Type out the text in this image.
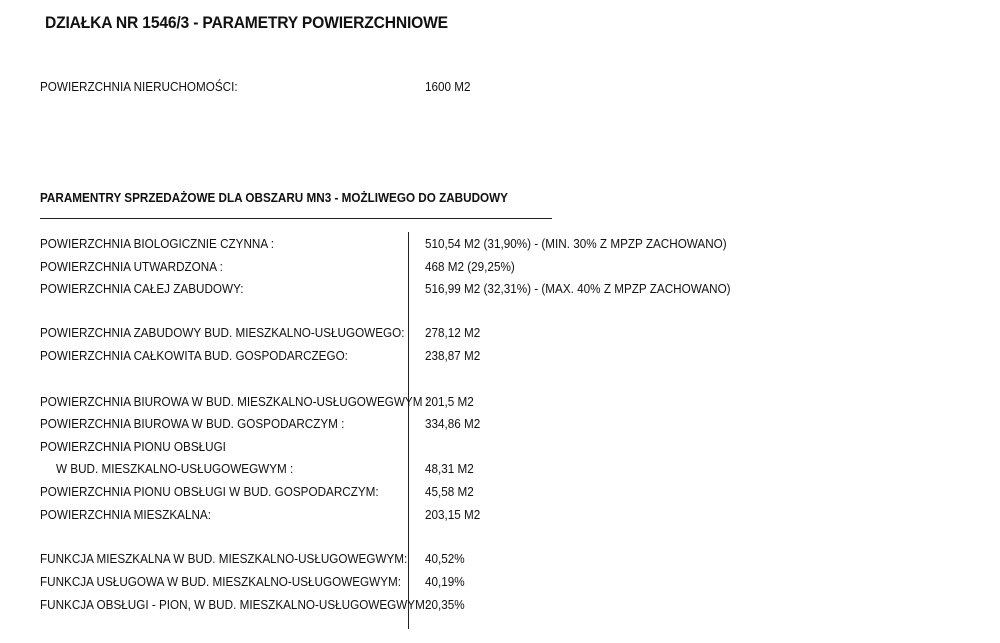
DZIAŁKA NR 1546/3 - PARAMETRY POWIERZCHNIOWE
POWIERZCHNIA NIERUCHOMOŚCI:	1600 M2
PARAMENTRY SPRZEDAŻOWE DLA OBSZARU MN3 - MOŻLIWEGO DO ZABUDOWY
POWIERZCHNIA BIOLOGICZNIE CZYNNA :	510,54 M2 (31,90%) - (MIN. 30% Z MPZP ZACHOWANO)
POWIERZCHNIA UTWARDZONA :	468 M2 (29,25%)
POWIERZCHNIA CAŁEJ ZABUDOWY:	516,99 M2 (32,31%) - (MAX. 40% Z MPZP ZACHOWANO)
POWIERZCHNIA ZABUDOWY BUD. MIESZKALNO-USŁUGOWEGO: 278,12 M2
POWIERZCHNIA CAŁKOWITA BUD. GOSPODARCZEGO:	238,87 M2
POWIERZCHNIA BIUROWA W BUD. MIESZKALNO-USŁUGOWEGWYM :
201,5 M2
POWIERZCHNIA BIUROWA W BUD. GOSPODARCZYM :	334,86 M2
POWIERZCHNIA PIONU OBSŁUGI
W BUD. MIESZKALNO-USŁUGOWEGWYM :	48,31 M2
POWIERZCHNIA PIONU OBSŁUGI W BUD. GOSPODARCZYM:	45,58 M2
POWIERZCHNIA MIESZKALNA:	203,15 M2
FUNKCJA MIESZKALNA W BUD. MIESZKALNO-USŁUGOWEGWYM: 40,52%
FUNKCJA USŁUGOWA W BUD. MIESZKALNO-USŁUGOWEGWYM: 40,19%
FUNKCJA OBSŁUGI - PION, W BUD. MIESZKALNO-USŁUGOWEGWYM:
20,35%
